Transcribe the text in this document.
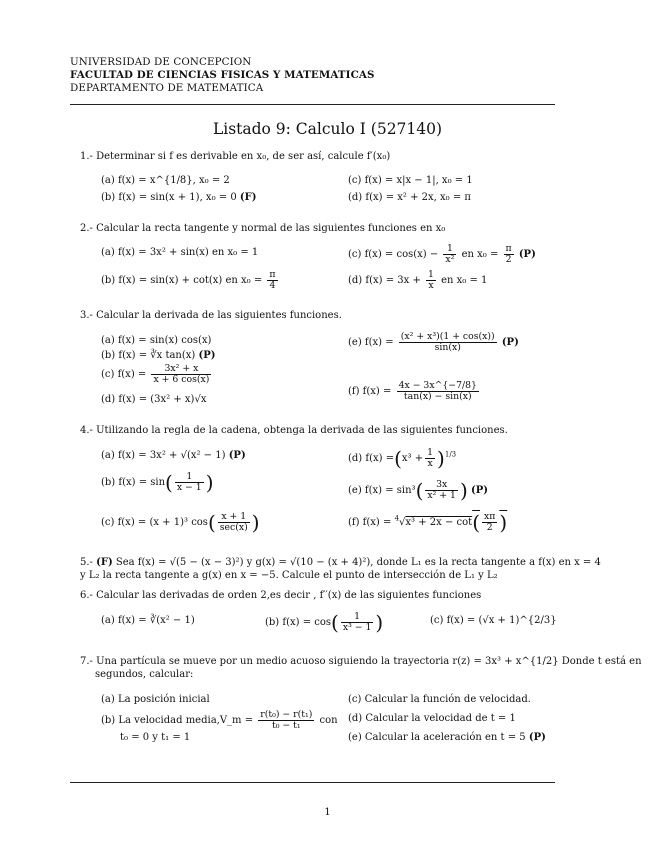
UNIVERSIDAD DE CONCEPCION
FACULTAD DE CIENCIAS FISICAS Y MATEMATICAS
DEPARTAMENTO DE MATEMATICA
Listado 9: Calculo I (527140)
1.- Determinar si f es derivable en x₀, de ser así, calcule f′(x₀)
(a) f(x) = x^{1/8}, x₀ = 2
(b) f(x) = sin(x + 1), x₀ = 0 (F)
(c) f(x) = x|x − 1|, x₀ = 1
(d) f(x) = x² + 2x, x₀ = π
2.- Calcular la recta tangente y normal de las siguientes funciones en x₀
(a) f(x) = 3x² + sin(x) en x₀ = 1
(b) f(x) = sin(x) + cot(x) en $x_0 = \frac{\pi}{4}$
(c) $f(x) = \cos(x) - \frac{1}{\text{x²}}$ en $x_0 = \frac{\pi}{2} (P)$
(d) $f(x) = 3x + \frac{1}{x}$ en x₀ = 1
3.- Calcular la derivada de las siguientes funciones.
(a) f(x) = sin(x) cos(x)
(b) f(x) = ∛x tan(x) (P)
(c) $f(x) = \frac{\text{3x² + x}}{x + 6 \cos(x)}$
(d) f(x) = (3x² + x)√x
(e) $f(x) = \frac{\text{(x² + x³)(1 + cos(x))}}{\sin(x)} (P)$
(f) $f(x) = \frac{4x - 3x\^{}\{-7/8\}}{\tan(x) - \sin(x)}$
4.- Utilizando la regla de la cadena, obtenga la derivada de las siguientes funciones.
(a) f(x) = 3x² + √(x² − 1) (P)
(b) $f(x) = \sin( \frac{1}{x - 1}$ )
(c) f(x) = (x + 1)³ $\cos( \frac{x + 1}{\sec(x)}$ )
(d) $f(x) =(x^3 + \frac{1}{x} )^{1/3}$
(e) $f(x) = \sin^3( \frac{3x}{\text{x² + 1}}$ ) (P)
(f) $f(x) = ^4√x^3 + 2x - \cot( \frac{x\pi}{2}$ )
5.- (F) Sea f(x) = √(5 − (x − 3)²) y g(x) = √(10 − (x + 4)²), donde L₁ es la recta tangente a f(x) en x = 4
y L₂ la recta tangente a g(x) en x = −5. Calcule el punto de intersección de L₁ y L₂
6.- Calcular las derivadas de orden 2,es decir , f′′(x) de las siguientes funciones
(a) f(x) = ∛(x² − 1)	(b) $f(x) = \cos( \frac{1}{\text{x³ − 1}}$ )	(c) f(x) = (√x + 1)^{2/3}
7.- Una partícula se mueve por un medio acuoso siguiendo la trayectoria r(z) = 3x³ + x^{1/2} Donde t está en
segundos, calcular:
(a) La posición inicial
(b) La velocidad media,V_m = $\frac{\text{r(t₀) − r(t₁)}}{\text{t₀ − t₁}}$ con
t₀ = 0 y t₁ = 1
(c) Calcular la función de velocidad.
(d) Calcular la velocidad de t = 1
(e) Calcular la aceleración en t = 5 (P)
1
